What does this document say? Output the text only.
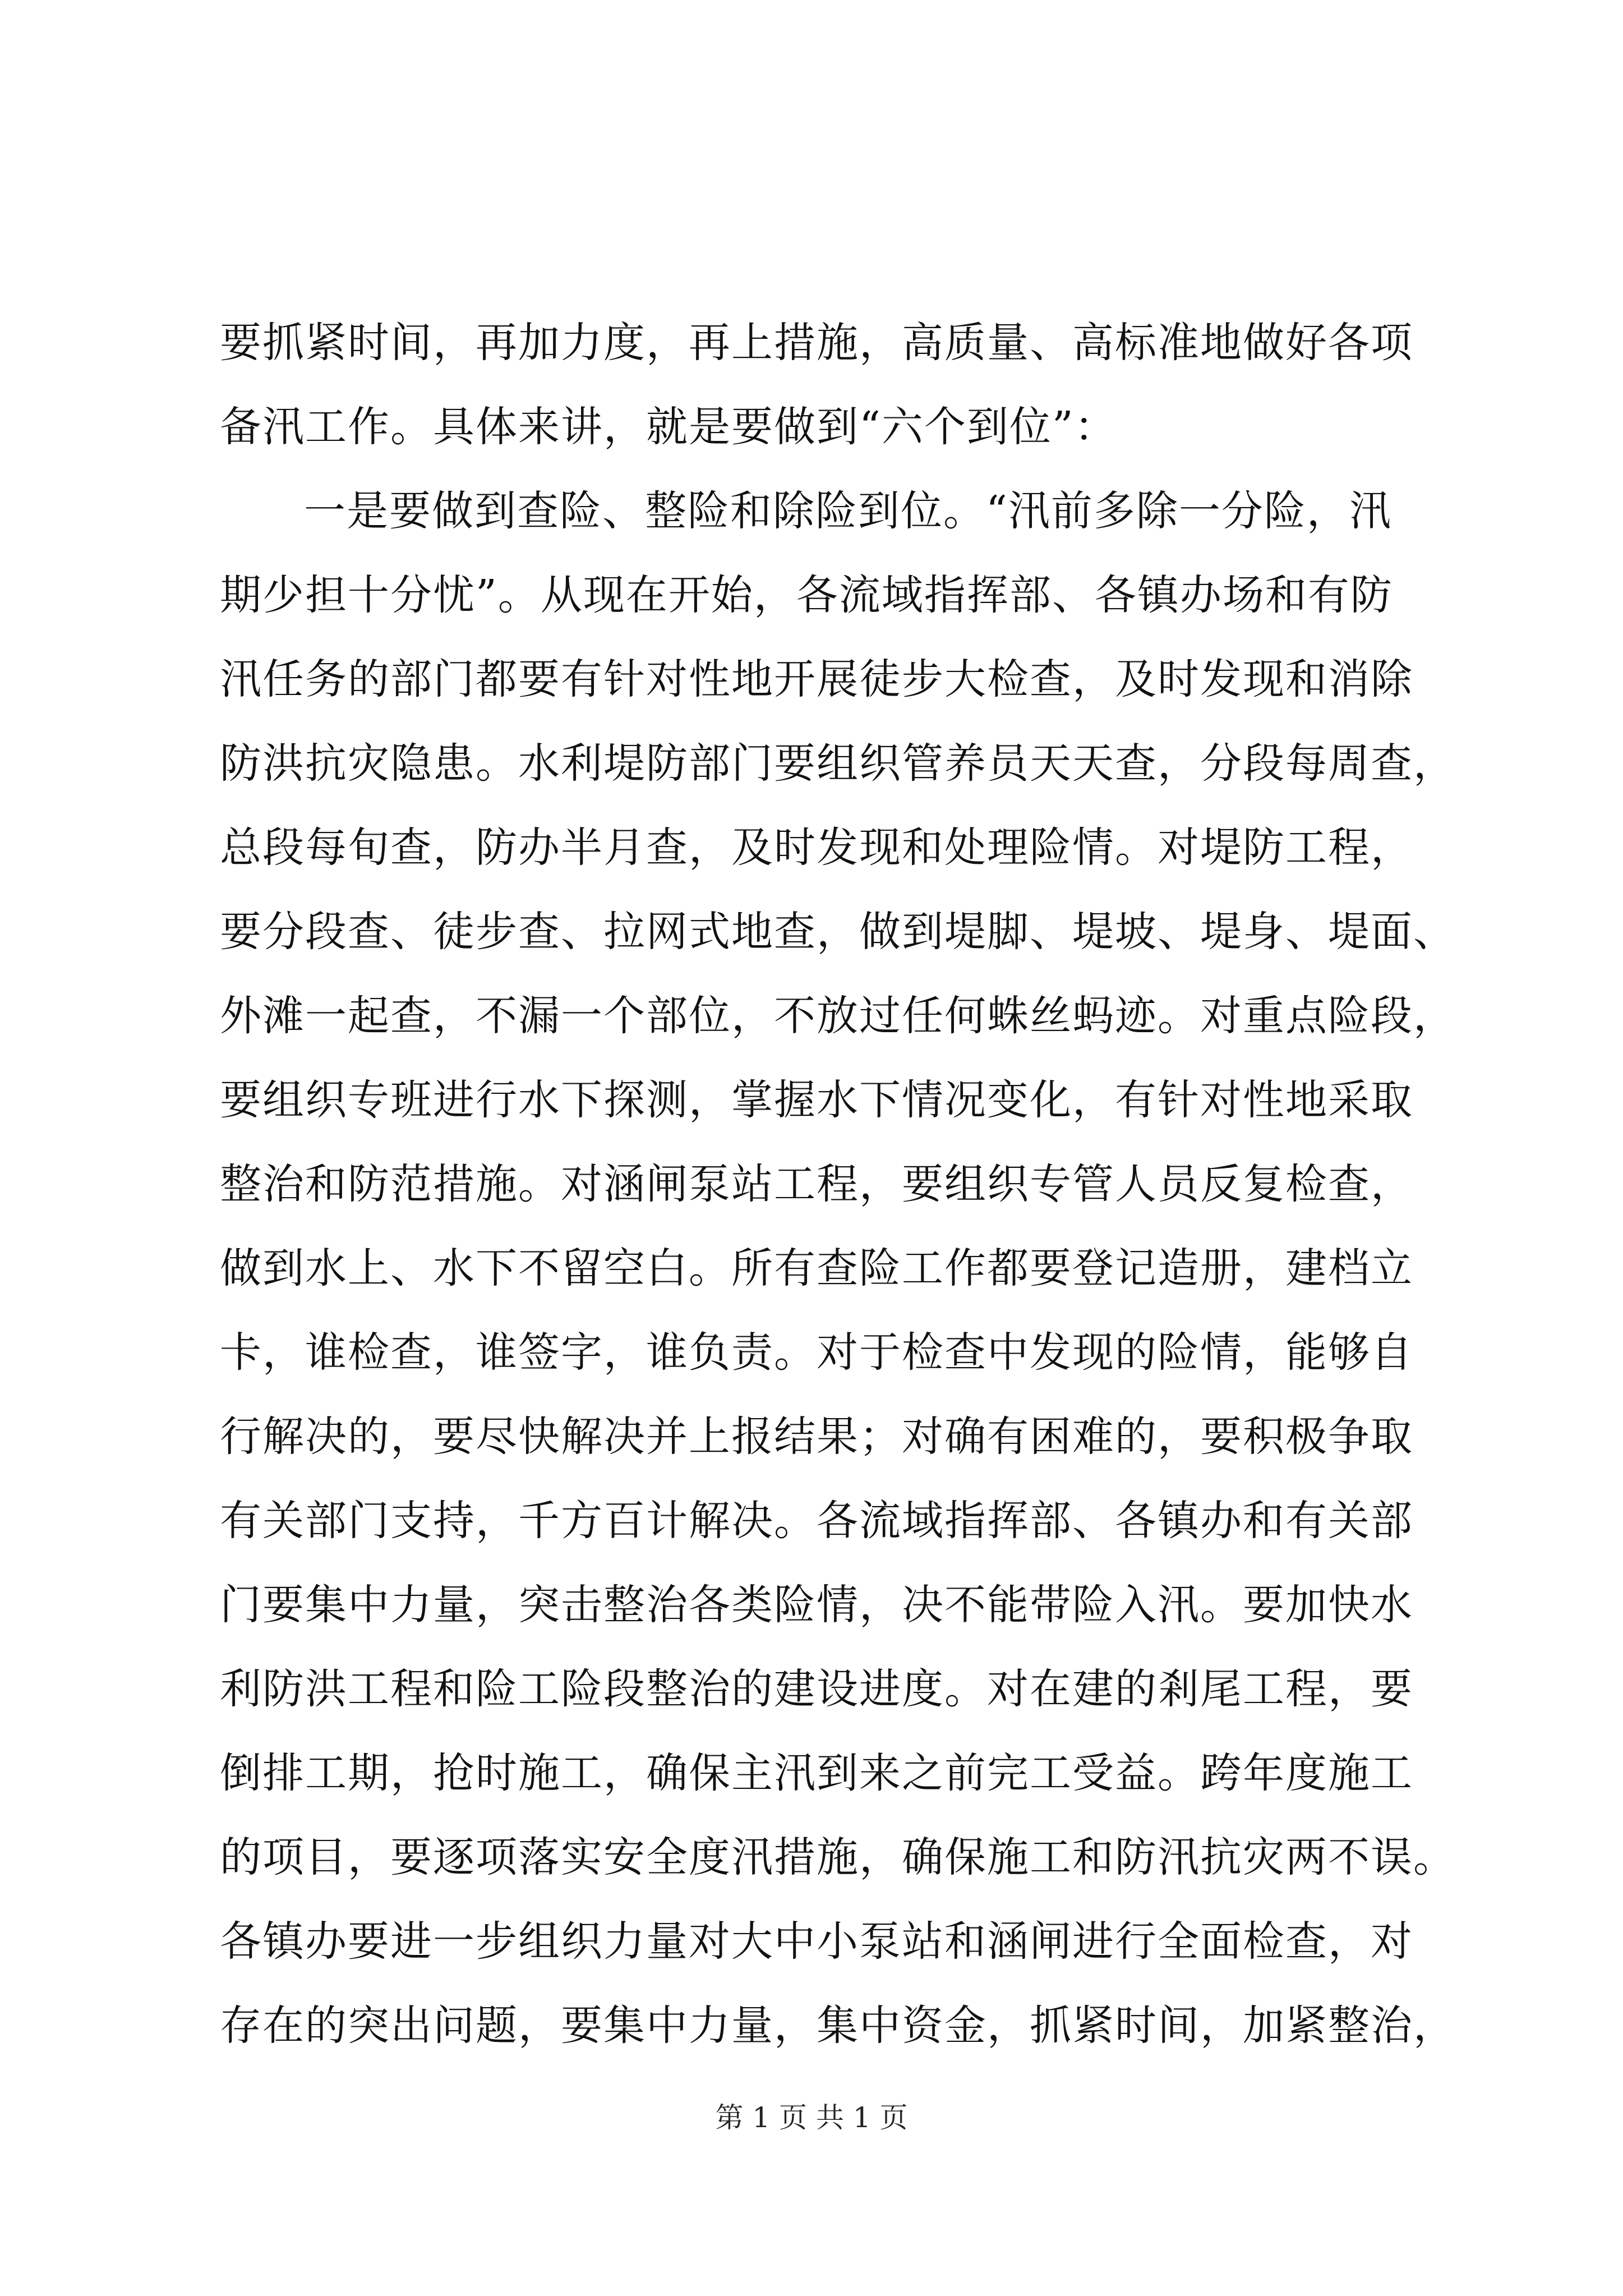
要抓紧时间，再加力度，再上措施，高质量、高标准地做好各项
备汛工作。具体来讲，就是要做到“六个到位”：
一是要做到查险、整险和除险到位。“汛前多除一分险，汛
期少担十分忧”。从现在开始，各流域指挥部、各镇办场和有防
汛任务的部门都要有针对性地开展徒步大检查，及时发现和消除
防洪抗灾隐患。水利堤防部门要组织管养员天天查，分段每周查，
总段每旬查，防办半月查，及时发现和处理险情。对堤防工程，
要分段查、徒步查、拉网式地查，做到堤脚、堤坡、堤身、堤面、
外滩一起查，不漏一个部位，不放过任何蛛丝蚂迹。对重点险段，
要组织专班进行水下探测，掌握水下情况变化，有针对性地采取
整治和防范措施。对涵闸泵站工程，要组织专管人员反复检查，
做到水上、水下不留空白。所有查险工作都要登记造册，建档立
卡，谁检查，谁签字，谁负责。对于检查中发现的险情，能够自
行解决的，要尽快解决并上报结果；对确有困难的，要积极争取
有关部门支持，千方百计解决。各流域指挥部、各镇办和有关部
门要集中力量，突击整治各类险情，决不能带险入汛。要加快水
利防洪工程和险工险段整治的建设进度。对在建的剎尾工程，要
倒排工期，抢时施工，确保主汛到来之前完工受益。跨年度施工
的项目，要逐项落实安全度汛措施，确保施工和防汛抗灾两不误。
各镇办要进一步组织力量对大中小泵站和涵闸进行全面检查，对
存在的突出问题，要集中力量，集中资金，抓紧时间，加紧整治，
第 1 页 共 1 页
